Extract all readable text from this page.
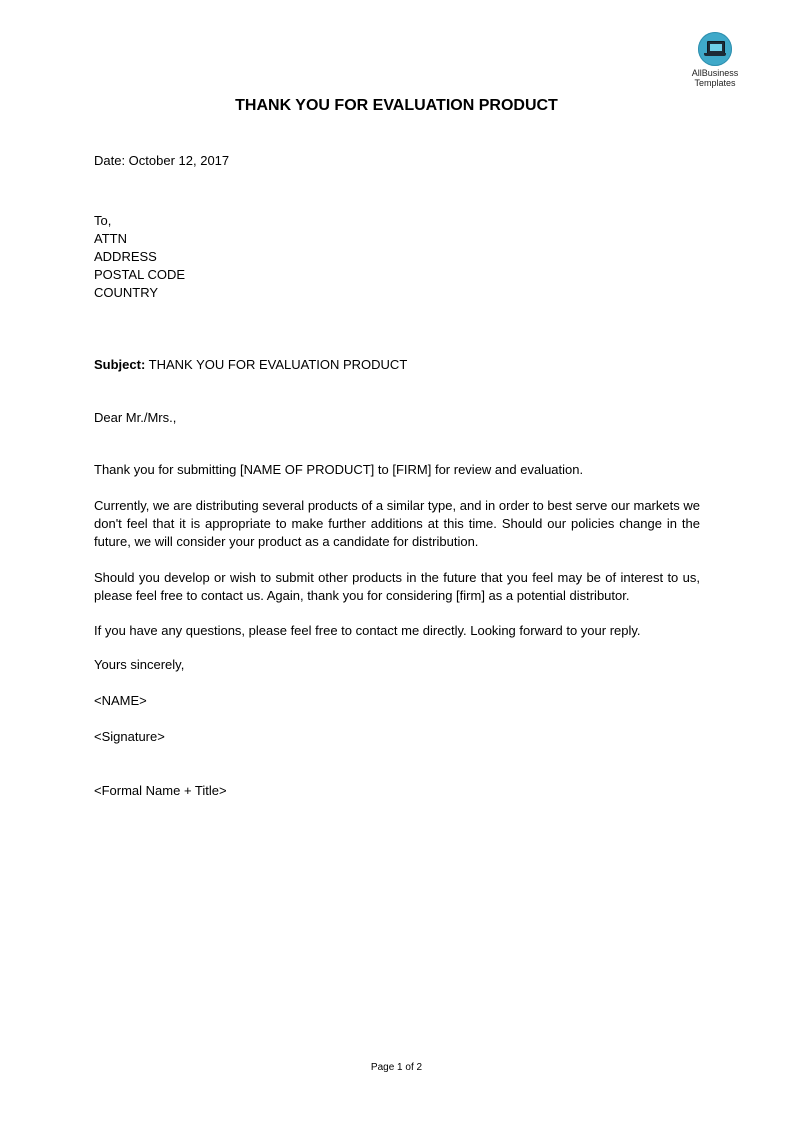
AllBusiness
Templates
THANK YOU FOR EVALUATION PRODUCT

Date: October 12, 2017

To,
ATTN
ADDRESS
POSTAL CODE
COUNTRY

Subject: THANK YOU FOR EVALUATION PRODUCT

Dear Mr./Mrs.,

Thank you for submitting [NAME OF PRODUCT] to [FIRM] for review and evaluation.

Currently, we are distributing several products of a similar type, and in order to best serve our markets we don't feel that it is appropriate to make further additions at this time. Should our policies change in the future, we will consider your product as a candidate for distribution.

Should you develop or wish to submit other products in the future that you feel may be of interest to us, please feel free to contact us. Again, thank you for considering [firm] as a potential distributor.

If you have any questions, please feel free to contact me directly. Looking forward to your reply.

Yours sincerely,

<NAME>

<Signature>

<Formal Name + Title>

Page 1 of 2
